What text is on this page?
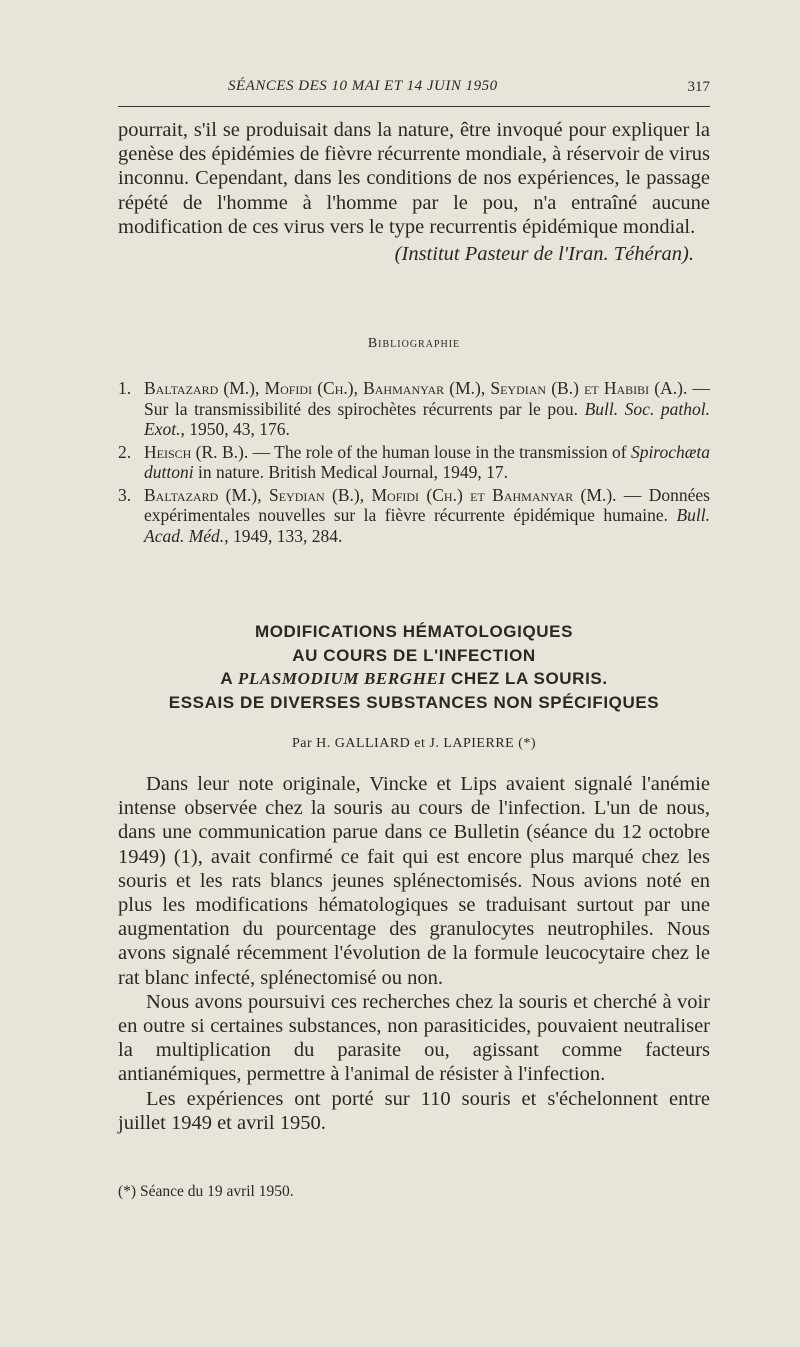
SÉANCES DES 10 MAI ET 14 JUIN 1950	317

pourrait, s'il se produisait dans la nature, être invoqué pour expliquer la genèse des épidémies de fièvre récurrente mondiale, à réservoir de virus inconnu. Cependant, dans les conditions de nos expériences, le passage répété de l'homme à l'homme par le pou, n'a entraîné aucune modification de ces virus vers le type recurrentis épidémique mondial.

(Institut Pasteur de l'Iran. Téhéran).
Bibliographie
1. Baltazard (M.), Mofidi (Ch.), Bahmanyar (M.), Seydian (B.) et Habibi (A.). — Sur la transmissibilité des spirochètes récurrents par le pou. Bull. Soc. pathol. Exot., 1950, 43, 176.
2. Heisch (R. B.). — The role of the human louse in the transmission of Spirochæta duttoni in nature. British Medical Journal, 1949, 17.
3. Baltazard (M.), Seydian (B.), Mofidi (Ch.) et Bahmanyar (M.). — Données expérimentales nouvelles sur la fièvre récurrente épidémique humaine. Bull. Acad. Méd., 1949, 133, 284.
MODIFICATIONS HÉMATOLOGIQUES
AU COURS DE L'INFECTION
A PLASMODIUM BERGHEI CHEZ LA SOURIS.
ESSAIS DE DIVERSES SUBSTANCES NON SPÉCIFIQUES
Par H. GALLIARD et J. LAPIERRE (*)

Dans leur note originale, Vincke et Lips avaient signalé l'anémie intense observée chez la souris au cours de l'infection. L'un de nous, dans une communication parue dans ce Bulletin (séance du 12 octobre 1949) (1), avait confirmé ce fait qui est encore plus marqué chez les souris et les rats blancs jeunes splénectomisés. Nous avions noté en plus les modifications hématologiques se traduisant surtout par une augmentation du pourcentage des granulocytes neutrophiles. Nous avons signalé récemment l'évolution de la formule leucocytaire chez le rat blanc infecté, splénectomisé ou non.

Nous avons poursuivi ces recherches chez la souris et cherché à voir en outre si certaines substances, non parasiticides, pouvaient neutraliser la multiplication du parasite ou, agissant comme facteurs antianémiques, permettre à l'animal de résister à l'infection.

Les expériences ont porté sur 110 souris et s'échelonnent entre juillet 1949 et avril 1950.

(*) Séance du 19 avril 1950.
